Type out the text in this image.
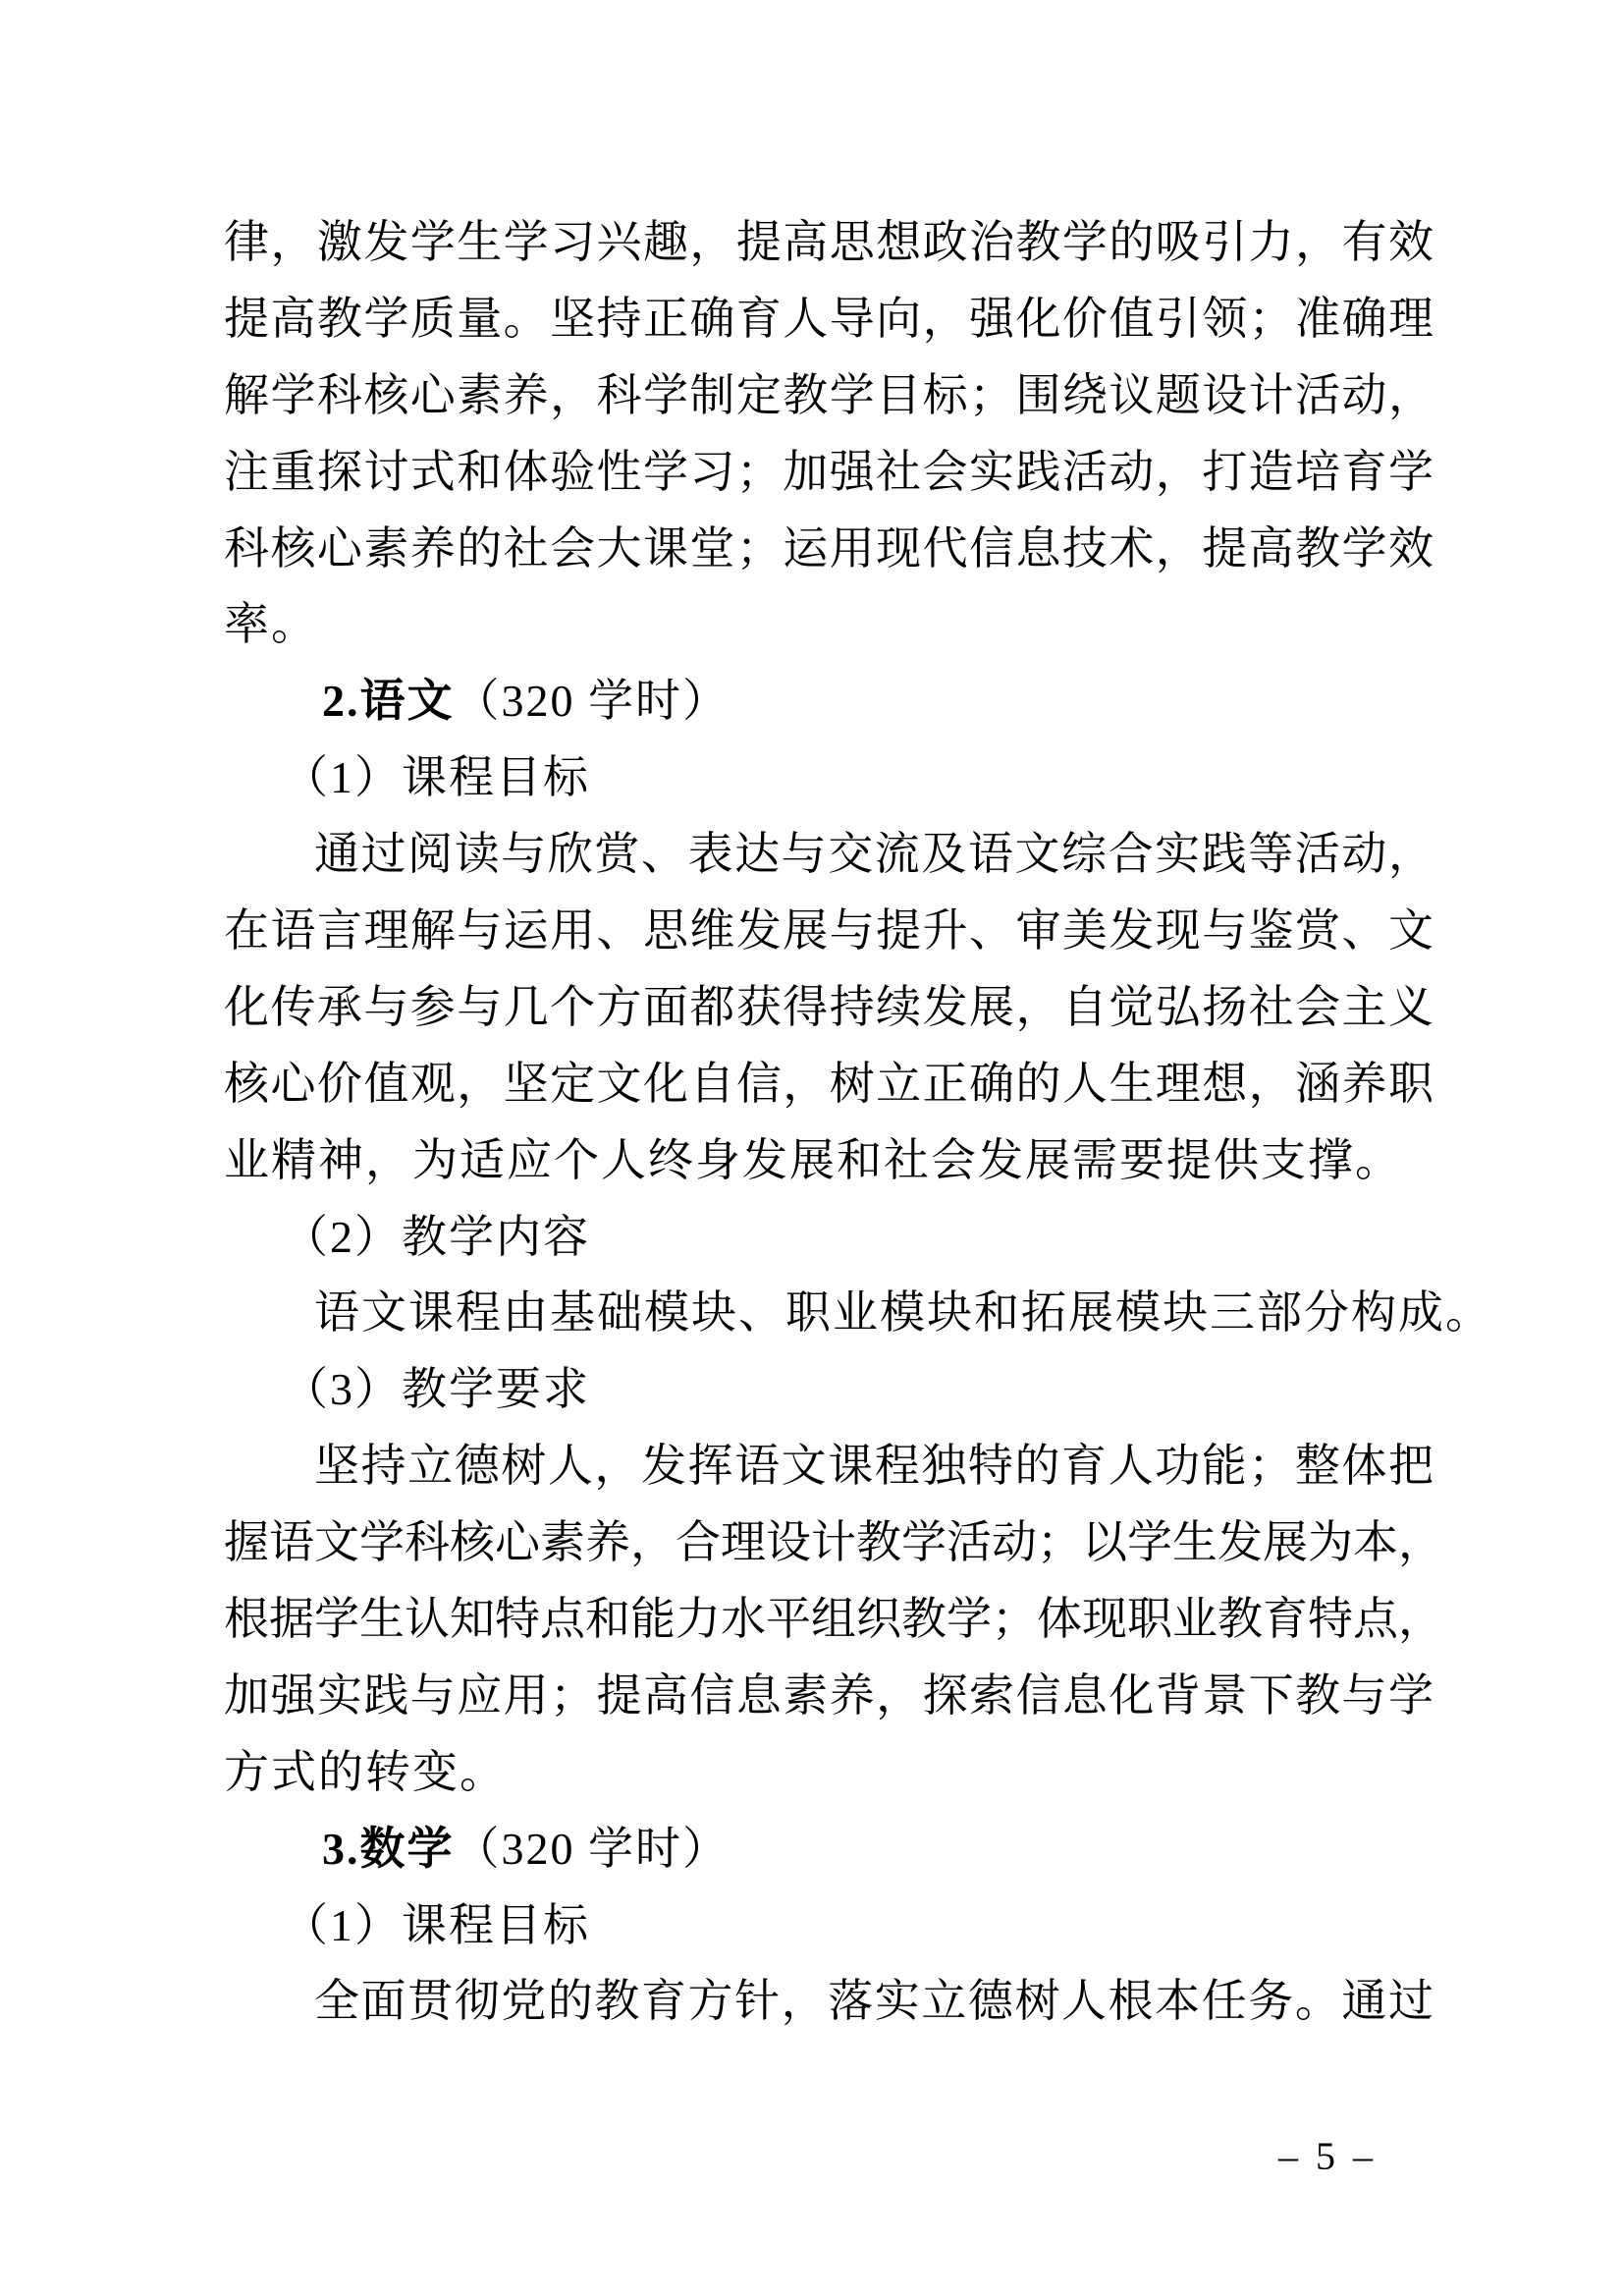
律 ， 激 发 学 生 学 习 兴 趣 ， 提 高 思 想 政 治 教 学 的 吸 引 力 ， 有 效
提 高 教 学 质 量 。 坚 持 正 确 育 人 导 向 ， 强 化 价 值 引 领 ； 准 确 理
解 学 科 核 心 素 养 ， 科 学 制 定 教 学 目 标 ； 围 绕 议 题 设 计 活 动 ，
注 重 探 讨 式 和 体 验 性 学 习 ； 加 强 社 会 实 践 活 动 ， 打 造 培 育 学
科 核 心 素 养 的 社 会 大 课 堂 ； 运 用 现 代 信 息 技 术 ， 提 高 教 学 效
率。
2.语文（320 学时）
（1）课程目标
通 过 阅 读 与 欣 赏 、 表 达 与 交 流 及 语 文 综 合 实 践 等 活 动 ，
在 语 言 理 解 与 运 用 、 思 维 发 展 与 提 升 、 审 美 发 现 与 鉴 赏 、 文
化 传 承 与 参 与 几 个 方 面 都 获 得 持 续 发 展 ， 自 觉 弘 扬 社 会 主 义
核 心 价 值 观 ， 坚 定 文 化 自 信 ， 树 立 正 确 的 人 生 理 想 ， 涵 养 职
业精神，为适应个人终身发展和社会发展需要提供支撑。
（2）教学内容
语文课程由基础模块、职业模块和拓展模块三部分构成。
（3）教学要求
坚 持 立 德 树 人 ， 发 挥 语 文 课 程 独 特 的 育 人 功 能 ； 整 体 把
握 语 文 学 科 核 心 素 养 ， 合 理 设 计 教 学 活 动 ； 以 学 生 发 展 为 本 ，
根 据 学 生 认 知 特 点 和 能 力 水 平 组 织 教 学 ； 体 现 职 业 教 育 特 点 ，
加 强 实 践 与 应 用 ； 提 高 信 息 素 养 ， 探 索 信 息 化 背 景 下 教 与 学
方式的转变。
3.数学（320 学时）
（1）课程目标
全 面 贯 彻 党 的 教 育 方 针 ， 落 实 立 德 树 人 根 本 任 务 。 通 过
– 5 –
